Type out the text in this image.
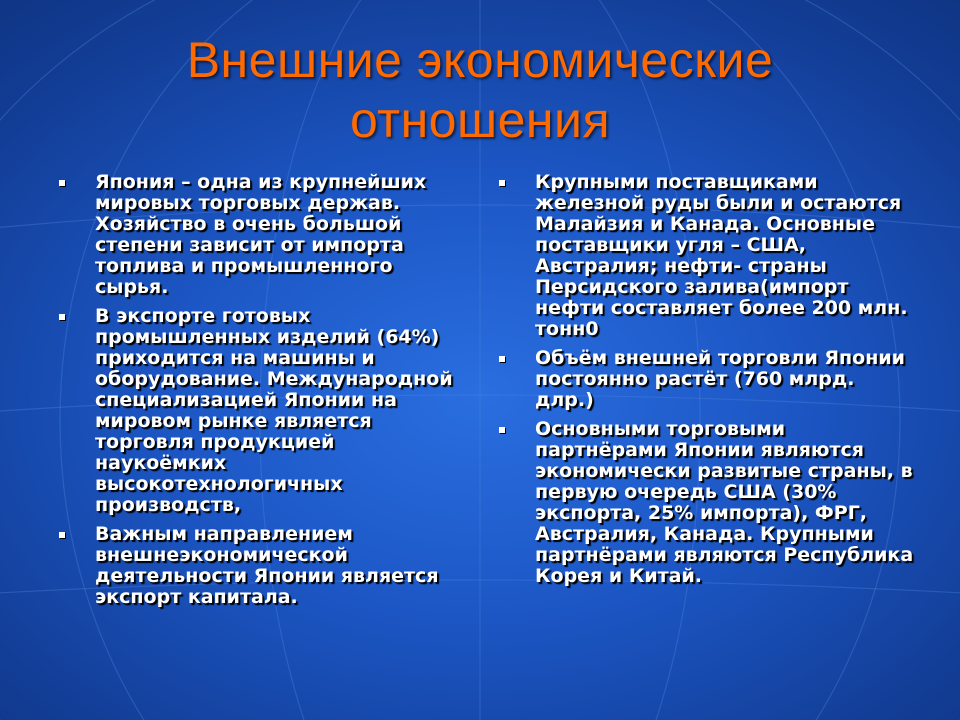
Внешние экономические
отношения
Япония – одна из крупнейших мировых торговых держав. Хозяйство в очень большой степени зависит от импорта топлива и промышленного сырья.
В экспорте готовых промышленных изделий (64%) приходится на машины и оборудование. Международной специализацией Японии на мировом рынке является торговля продукцией наукоёмких высокотехнологичных производств,
Важным направлением внешнеэкономической деятельности Японии является экспорт капитала.
Крупными поставщиками железной руды были и остаются Малайзия и Канада. Основные поставщики угля – США, Австралия; нефти- страны Персидского залива(импорт нефти составляет более 200 млн. тонн0
Объём внешней торговли Японии постоянно растёт (760 млрд. длр.)
Основными торговыми партнёрами Японии являются экономически развитые страны, в первую очередь США (30% экспорта, 25% импорта), ФРГ, Австралия, Канада. Крупными партнёрами являются Республика Корея и Китай.
